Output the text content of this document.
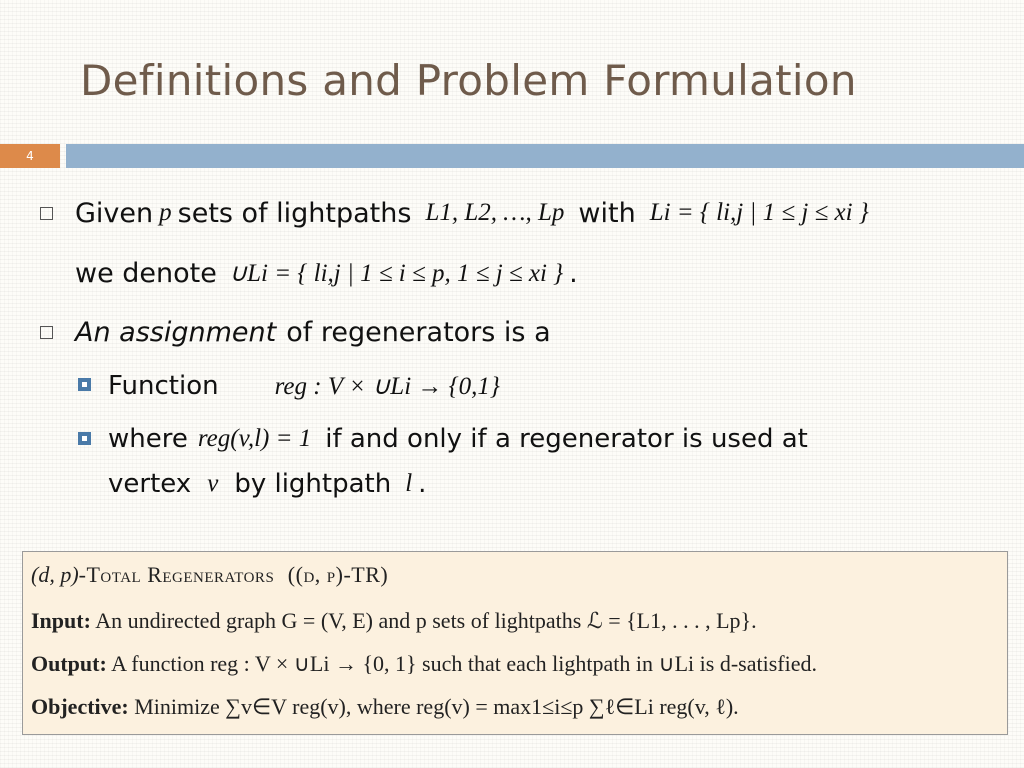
Definitions and Problem Formulation
4
Given p sets of lightpaths L1, L2, …, Lp with Li = { li,j | 1 ≤ j ≤ xi }
we denote ∪Li = { li,j | 1 ≤ i ≤ p, 1 ≤ j ≤ xi } .
An assignment of regenerators is a
Function reg : V × ∪Li → {0,1}
where reg(v,l) = 1 if and only if a regenerator is used at
vertex v by lightpath l .
(d, p)-Total Regenerators ((d, p)-TR)
Input: An undirected graph G = (V, E) and p sets of lightpaths ℒ = {L1, . . . , Lp}.
Output: A function reg : V × ∪Li → {0, 1} such that each lightpath in ∪Li is d-satisfied.
Objective: Minimize ∑v∈V reg(v), where reg(v) = max1≤i≤p ∑ℓ∈Li reg(v, ℓ).
